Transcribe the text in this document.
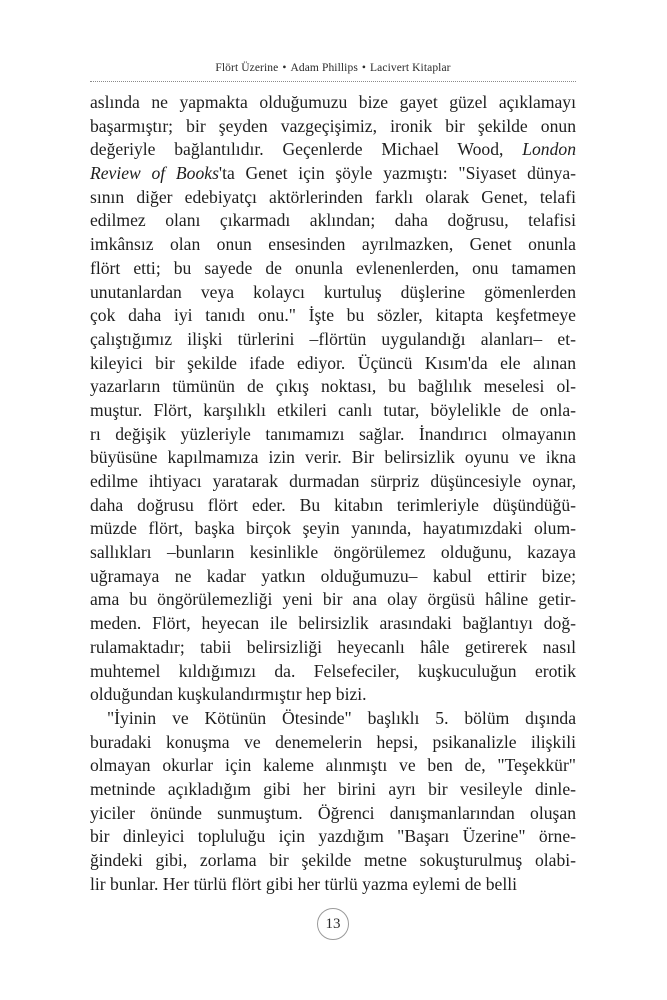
Flört Üzerine • Adam Phillips • Lacivert Kitaplar
aslında ne yapmakta olduğumuzu bize gayet güzel açıklamayı
başarmıştır; bir şeyden vazgeçişimiz, ironik bir şekilde onun
değeriyle bağlantılıdır. Geçenlerde Michael Wood, London
Review of Books'ta Genet için şöyle yazmıştı: "Siyaset dünya-
sının diğer edebiyatçı aktörlerinden farklı olarak Genet, telafi
edilmez olanı çıkarmadı aklından; daha doğrusu, telafisi
imkânsız olan onun ensesinden ayrılmazken, Genet onunla
flört etti; bu sayede de onunla evlenenlerden, onu tamamen
unutanlardan veya kolaycı kurtuluş düşlerine gömenlerden
çok daha iyi tanıdı onu." İşte bu sözler, kitapta keşfetmeye
çalıştığımız ilişki türlerini –flörtün uygulandığı alanları– et-
kileyici bir şekilde ifade ediyor. Üçüncü Kısım'da ele alınan
yazarların tümünün de çıkış noktası, bu bağlılık meselesi ol-
muştur. Flört, karşılıklı etkileri canlı tutar, böylelikle de onla-
rı değişik yüzleriyle tanımamızı sağlar. İnandırıcı olmayanın
büyüsüne kapılmamıza izin verir. Bir belirsizlik oyunu ve ikna
edilme ihtiyacı yaratarak durmadan sürpriz düşüncesiyle oynar,
daha doğrusu flört eder. Bu kitabın terimleriyle düşündüğü-
müzde flört, başka birçok şeyin yanında, hayatımızdaki olum-
sallıkları –bunların kesinlikle öngörülemez olduğunu, kazaya
uğramaya ne kadar yatkın olduğumuzu– kabul ettirir bize;
ama bu öngörülemezliği yeni bir ana olay örgüsü hâline getir-
meden. Flört, heyecan ile belirsizlik arasındaki bağlantıyı doğ-
rulamaktadır; tabii belirsizliği heyecanlı hâle getirerek nasıl
muhtemel kıldığımızı da. Felsefeciler, kuşkuculuğun erotik
olduğundan kuşkulandırmıştır hep bizi.
"İyinin ve Kötünün Ötesinde" başlıklı 5. bölüm dışında
buradaki konuşma ve denemelerin hepsi, psikanalizle ilişkili
olmayan okurlar için kaleme alınmıştı ve ben de, "Teşekkür"
metninde açıkladığım gibi her birini ayrı bir vesileyle dinle-
yiciler önünde sunmuştum. Öğrenci danışmanlarından oluşan
bir dinleyici topluluğu için yazdığım "Başarı Üzerine" örne-
ğindeki gibi, zorlama bir şekilde metne sokuşturulmuş olabi-
lir bunlar. Her türlü flört gibi her türlü yazma eylemi de belli
13
